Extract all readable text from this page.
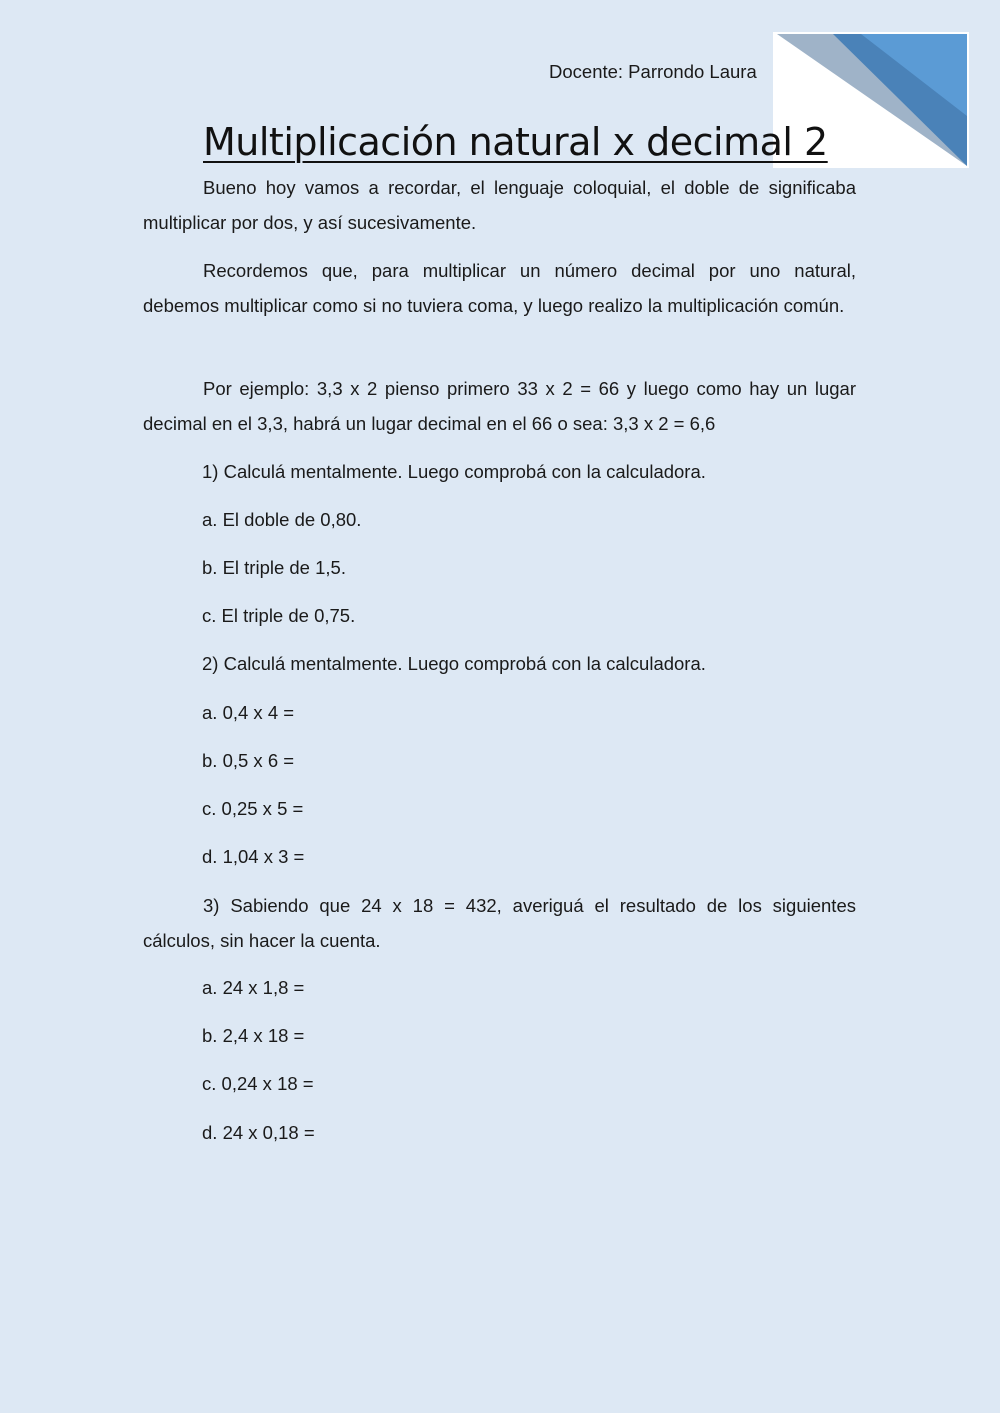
Docente: Parrondo Laura
Multiplicación natural x decimal 2

Bueno hoy vamos a recordar, el lenguaje coloquial, el doble de significaba multiplicar por dos, y así sucesivamente.

Recordemos que, para multiplicar un número decimal por uno natural, debemos multiplicar como si no tuviera coma, y luego realizo la multiplicación común.

Por ejemplo: 3,3 x 2 pienso primero 33 x 2 = 66 y luego como hay un lugar decimal en el 3,3, habrá un lugar decimal en el 66 o sea: 3,3 x 2 = 6,6

1) Calculá mentalmente. Luego comprobá con la calculadora.
a. El doble de 0,80.
b. El triple de 1,5.
c. El triple de 0,75.
2) Calculá mentalmente. Luego comprobá con la calculadora.
a. 0,4 x 4 =
b. 0,5 x 6 =
c. 0,25 x 5 =
d. 1,04 x 3 =

3) Sabiendo que 24 x 18 = 432, averiguá el resultado de los siguientes cálculos, sin hacer la cuenta.

a. 24 x 1,8 =
b. 2,4 x 18 =
c. 0,24 x 18 =
d. 24 x 0,18 =
